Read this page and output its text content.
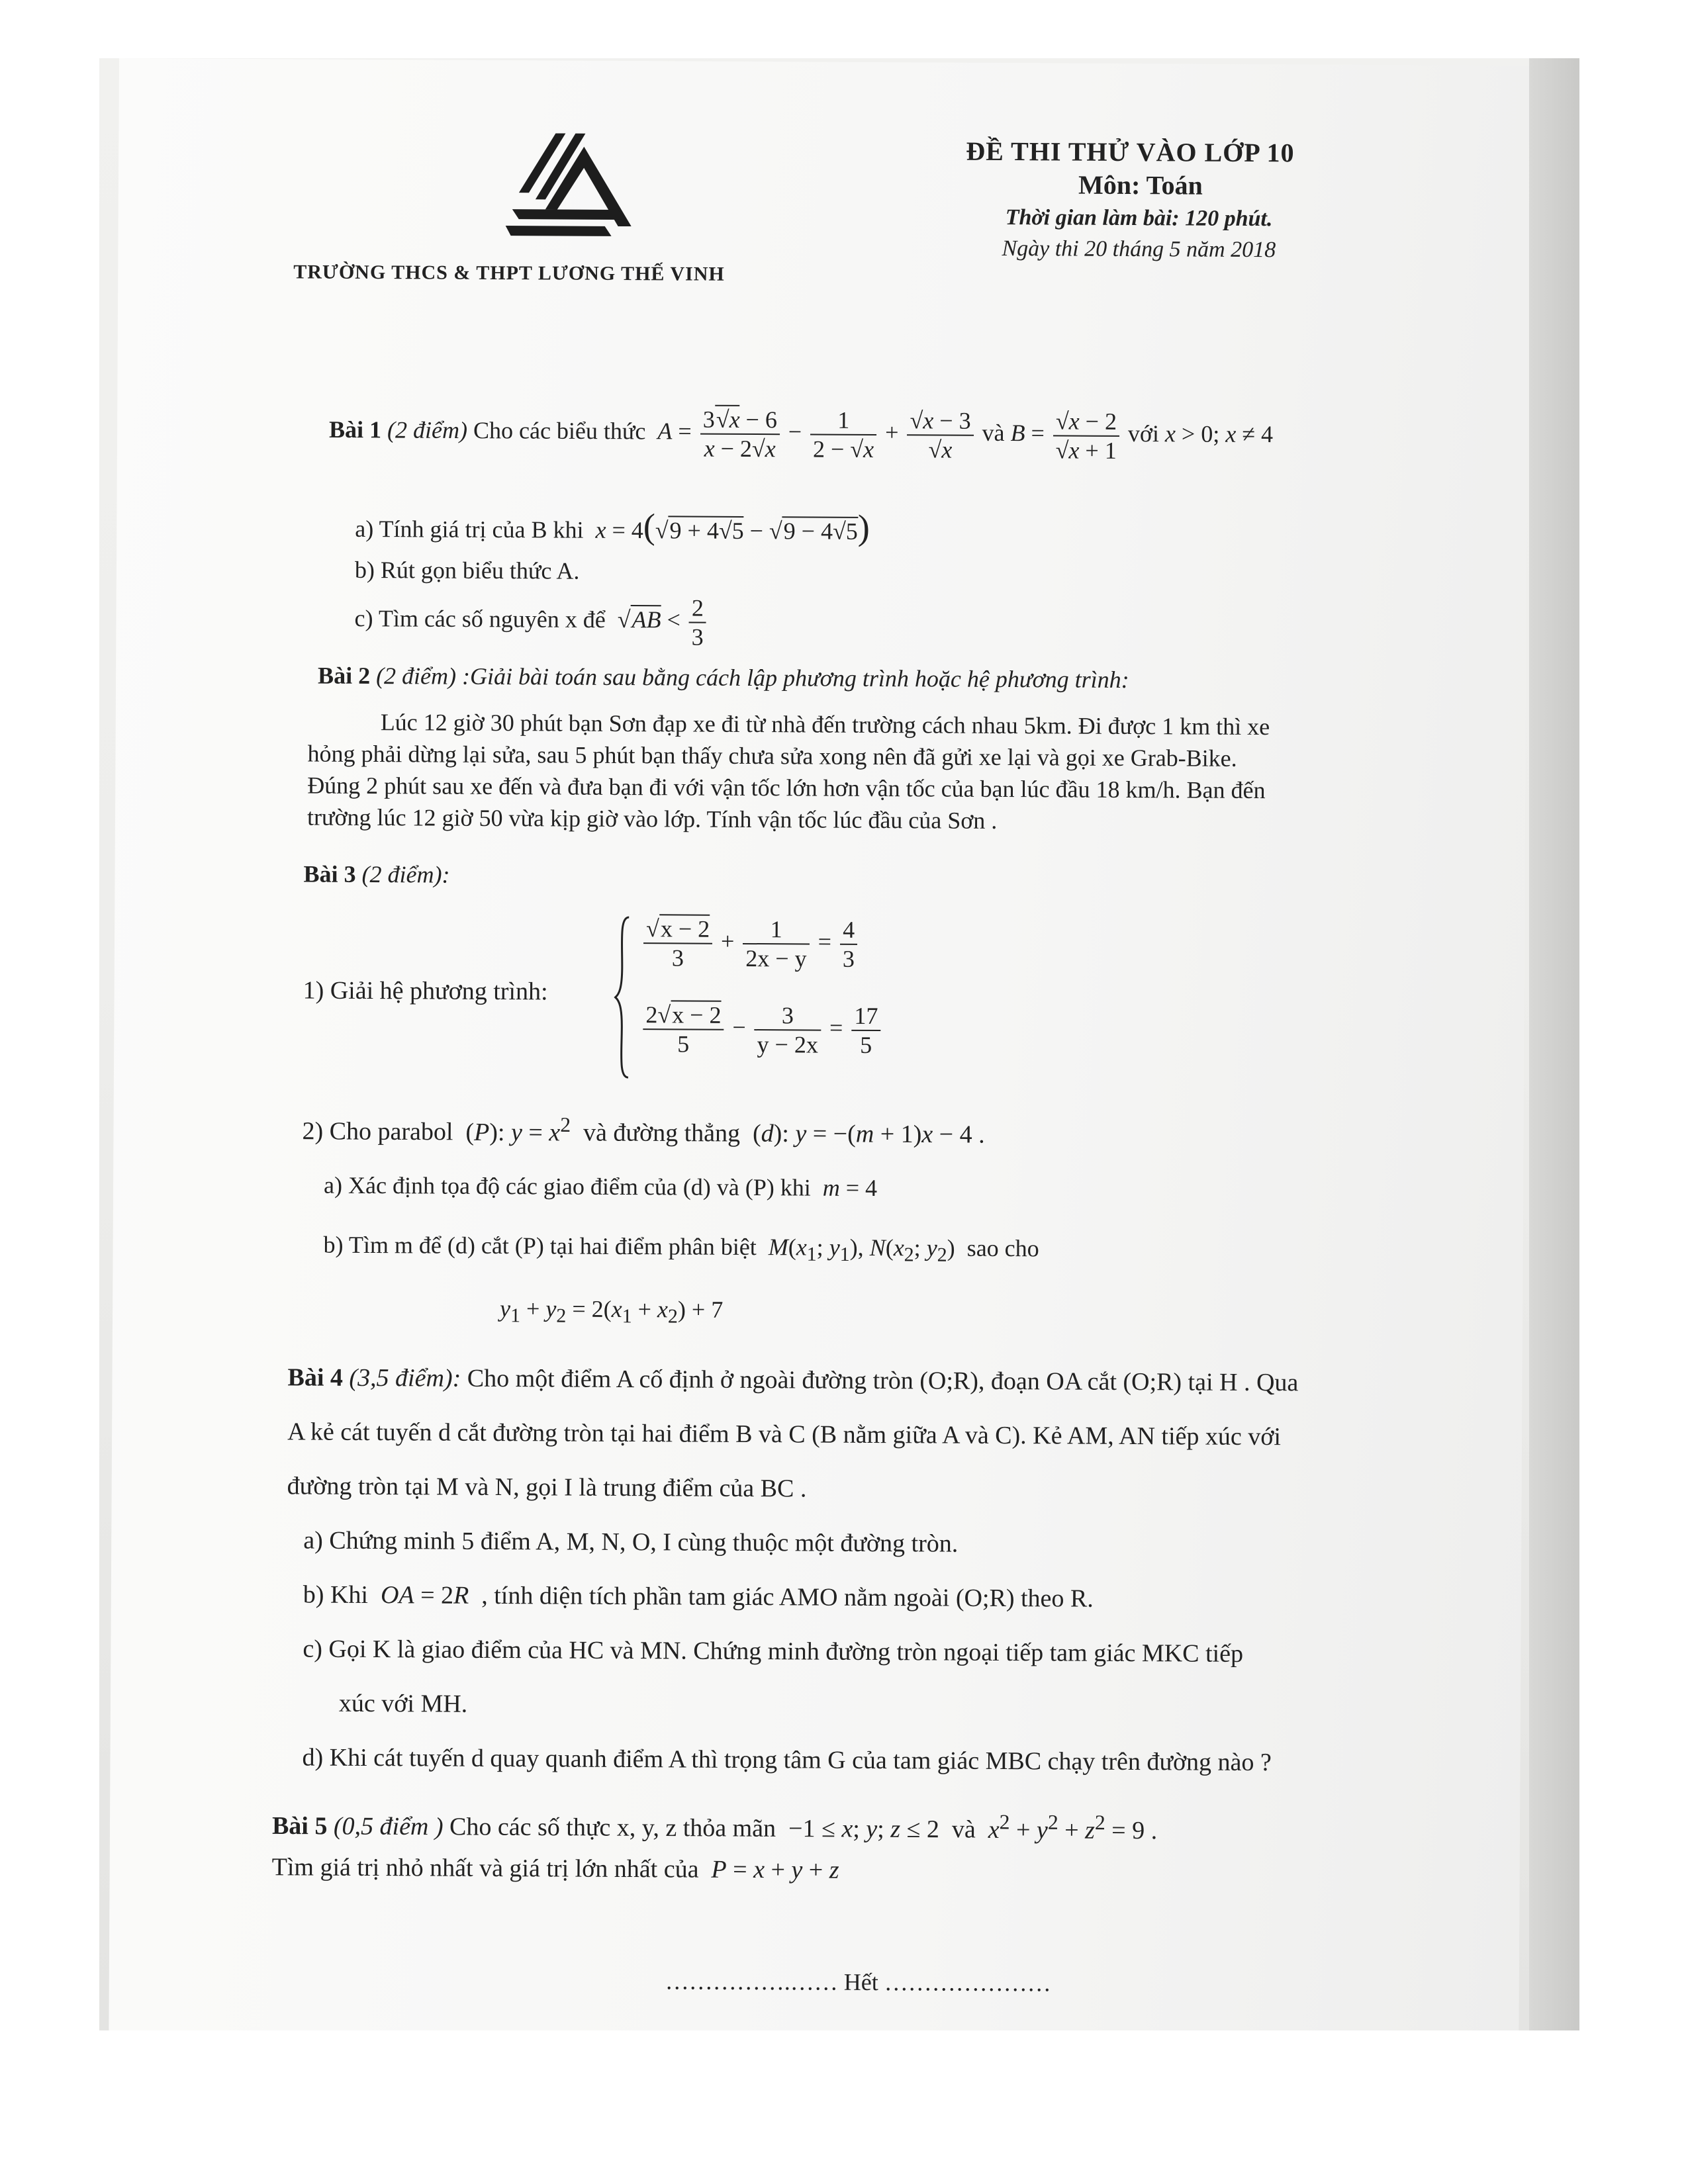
TRƯỜNG THCS & THPT LƯƠNG THẾ VINH
ĐỀ THI THỬ VÀO LỚP 10
Môn: Toán
Thời gian làm bài: 120 phút.
Ngày thi 20 tháng 5 năm 2018
Bài 1 (2 điểm) Cho các biểu thức $A = \frac{3√x - 6}{x - 2√x} - \frac{1}{2 - √x} + \frac{√x - 3}{√x}$ và $B = \frac{√x - 2}{√x + 1}$ với x > 0; x ≠ 4
a) Tính giá trị của B khi x = 4(√9 + 4√5 − √9 − 4√5)
b) Rút gọn biểu thức A.
c) Tìm các số nguyên x để  $√AB < \frac{2}{3}$
Bài 2 (2 điểm) :Giải bài toán sau bằng cách lập phương trình hoặc hệ phương trình:
Lúc 12 giờ 30 phút bạn Sơn đạp xe đi từ nhà đến trường cách nhau 5km. Đi được 1 km thì xe
hỏng phải dừng lại sửa, sau 5 phút bạn thấy chưa sửa xong nên đã gửi xe lại và gọi xe Grab-Bike.
Đúng 2 phút sau xe đến và đưa bạn đi với vận tốc lớn hơn vận tốc của bạn lúc đầu 18 km/h. Bạn đến
trường lúc 12 giờ 50 vừa kịp giờ vào lớp. Tính vận tốc lúc đầu của Sơn .
Bài 3 (2 điểm):
1) Giải hệ phương trình:
$\frac{√x - 2}{3} + \frac{1}{2x - y} = \frac{4}{3}$
$\frac{2√x - 2}{5} - \frac{3}{y - 2x} = \frac{17}{5}$
2) Cho parabol  (P): $y = x^2$ và đường thẳng  (d): y = −(m + 1)x − 4 .
a) Xác định tọa độ các giao điểm của (d) và (P) khi m = 4
b) Tìm m để (d) cắt (P) tại hai điểm phân biệt $M(x_1$; $y_1$), $N(x_2$; $y_2$)  sao cho
$y_1 + y_2 = 2(x_1 + x_2) + 7$
Bài 4 (3,5 điểm): Cho một điểm A cố định ở ngoài đường tròn (O;R), đoạn OA cắt (O;R) tại H . Qua
A kẻ cát tuyến d cắt đường tròn tại hai điểm B và C (B nằm giữa A và C). Kẻ AM, AN tiếp xúc với
đường tròn tại M và N, gọi I là trung điểm của BC .
a) Chứng minh 5 điểm A, M, N, O, I cùng thuộc một đường tròn.
b) Khi OA = 2R , tính diện tích phần tam giác AMO nằm ngoài (O;R) theo R.
c) Gọi K là giao điểm của HC và MN. Chứng minh đường tròn ngoại tiếp tam giác MKC tiếp
xúc với MH.
d) Khi cát tuyến d quay quanh điểm A thì trọng tâm G của tam giác MBC chạy trên đường nào ?
Bài 5 (0,5 điểm ) Cho các số thực x, y, z thỏa mãn  −1 ≤ x; y; z ≤ 2  và $x^2 + y^2 + z^2 = 9$ .
Tìm giá trị nhỏ nhất và giá trị lớn nhất của P = x + y + z
…………….…… Hết …………………
